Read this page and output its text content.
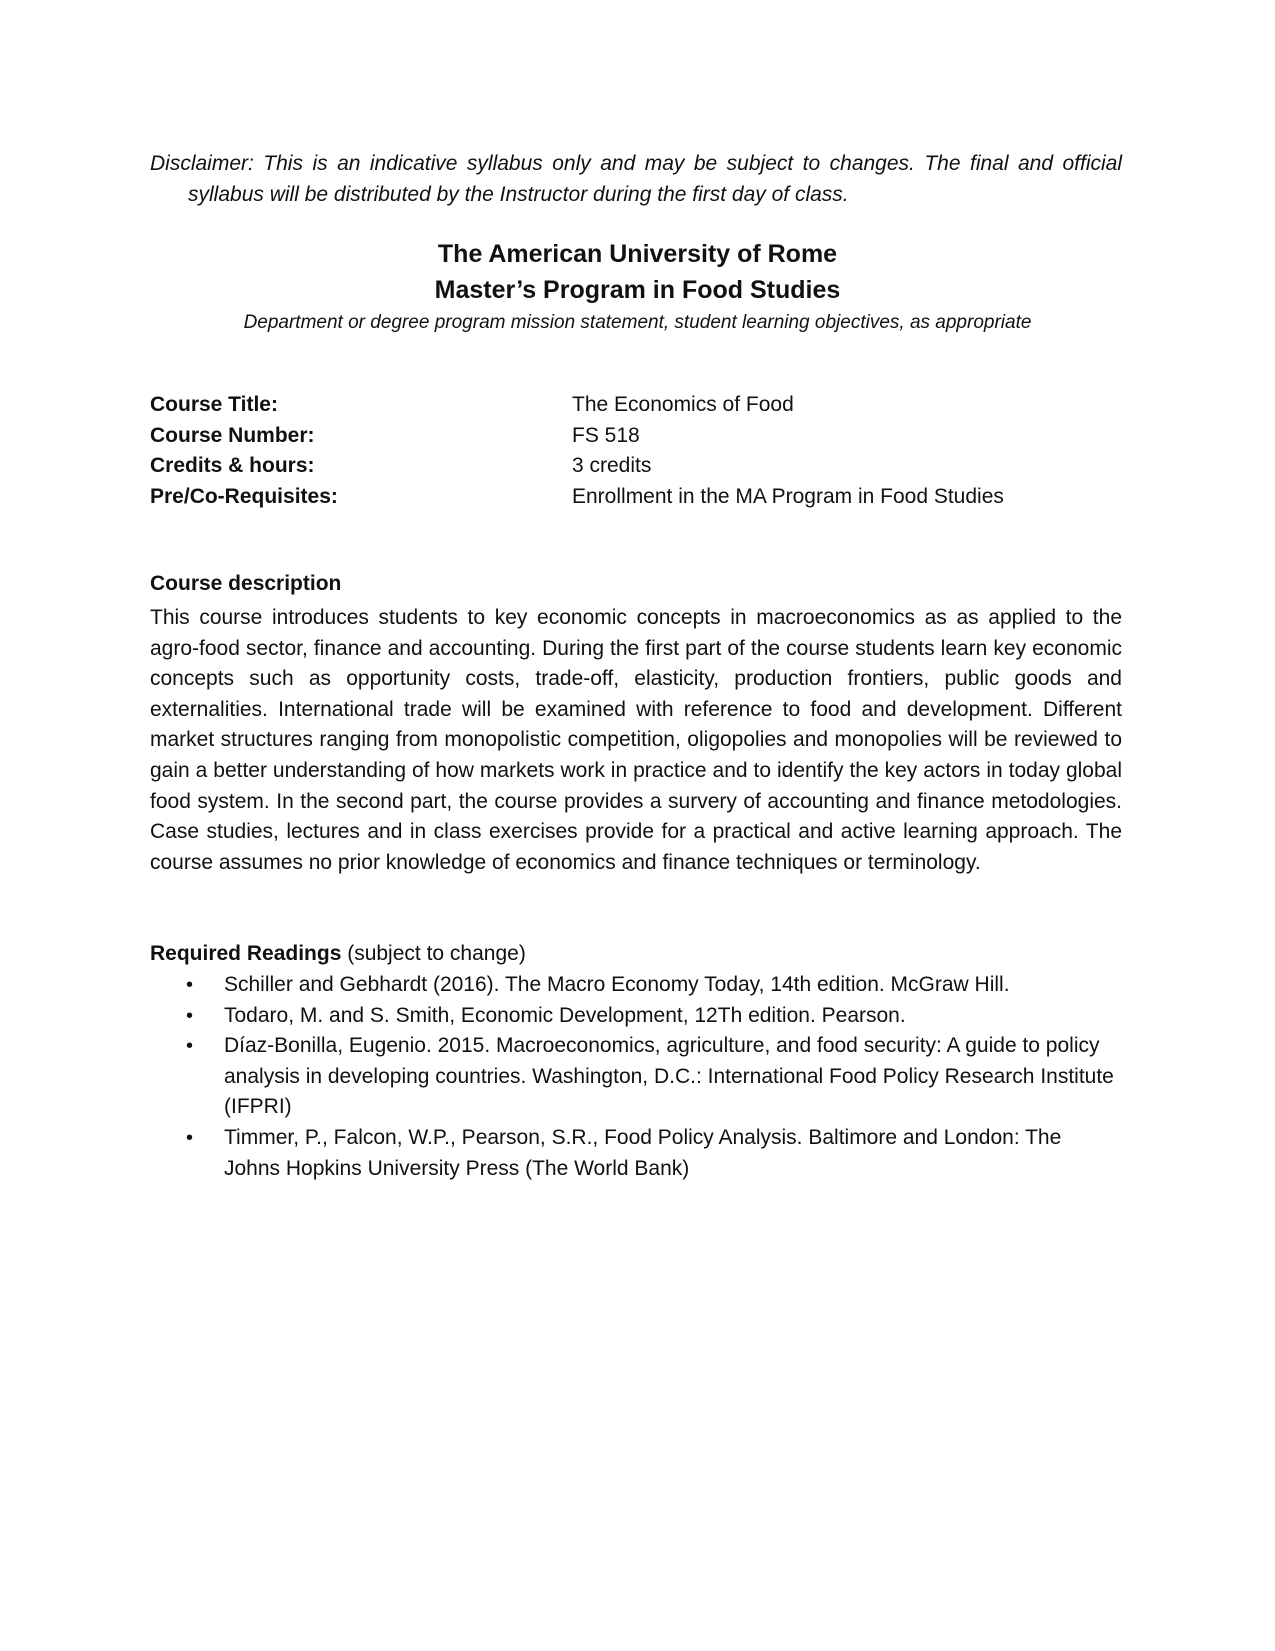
Disclaimer: This is an indicative syllabus only and may be subject to changes. The final and official syllabus will be distributed by the Instructor during the first day of class.
The American University of Rome
Master’s Program in Food Studies
Department or degree program mission statement, student learning objectives, as appropriate
Course Title:	The Economics of Food
Course Number:	FS 518
Credits & hours:	3 credits
Pre/Co-Requisites:	Enrollment in the MA Program in Food Studies
Course description
This course introduces students to key economic concepts in macroeconomics as as applied to the agro-food sector, finance and accounting. During the first part of the course students learn key economic concepts such as opportunity costs, trade-off, elasticity, production frontiers, public goods and externalities. International trade will be examined with reference to food and development. Different market structures ranging from monopolistic competition, oligopolies and monopolies will be reviewed to gain a better understanding of how markets work in practice and to identify the key actors in today global food system. In the second part, the course provides a survery of accounting and finance metodologies. Case studies, lectures and in class exercises provide for a practical and active learning approach. The course assumes no prior knowledge of economics and finance techniques or terminology.
Required Readings (subject to change)
• Schiller and Gebhardt (2016). The Macro Economy Today, 14th edition. McGraw Hill.
• Todaro, M. and S. Smith, Economic Development, 12Th edition. Pearson.
• Díaz-Bonilla, Eugenio. 2015. Macroeconomics, agriculture, and food security: A guide to policy analysis in developing countries. Washington, D.C.: International Food Policy Research Institute (IFPRI)
• Timmer, P., Falcon, W.P., Pearson, S.R., Food Policy Analysis. Baltimore and London: The Johns Hopkins University Press (The World Bank)
